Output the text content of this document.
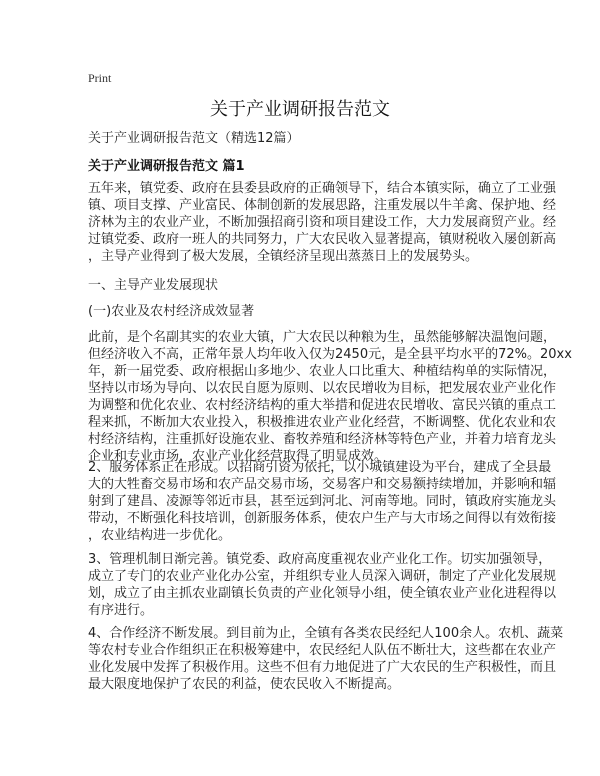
Print
关于产业调研报告范文
关于产业调研报告范文（精选12篇）
关于产业调研报告范文 篇1
五年来，镇党委、政府在县委县政府的正确领导下，结合本镇实际，确立了工业强
镇、项目支撑、产业富民、体制创新的发展思路，注重发展以牛羊禽、保护地、经
济林为主的农业产业，不断加强招商引资和项目建设工作，大力发展商贸产业。经
过镇党委、政府一班人的共同努力，广大农民收入显著提高，镇财税收入屡创新高
，主导产业得到了极大发展，全镇经济呈现出蒸蒸日上的发展势头。
一、主导产业发展现状
(一)农业及农村经济成效显著
此前，是个名副其实的农业大镇，广大农民以种粮为生，虽然能够解决温饱问题，
但经济收入不高，正常年景人均年收入仅为2450元，是全县平均水平的72%。20xx
年，新一届党委、政府根据山多地少、农业人口比重大、种植结构单的实际情况，
坚持以市场为导向、以农民自愿为原则、以农民增收为目标，把发展农业产业化作
为调整和优化农业、农村经济结构的重大举措和促进农民增收、富民兴镇的重点工
程来抓，不断加大农业投入，积极推进农业产业化经营，不断调整、优化农业和农
村经济结构，注重抓好设施农业、畜牧养殖和经济林等特色产业，并着力培育龙头
企业和专业市场，农业产业化经营取得了明显成效。
2、服务体系正在形成。以招商引资为依托，以小城镇建设为平台，建成了全县最
大的大牲畜交易市场和农产品交易市场，交易客户和交易额持续增加，并影响和辐
射到了建昌、凌源等邻近市县，甚至远到河北、河南等地。同时，镇政府实施龙头
带动，不断强化科技培训，创新服务体系，使农户生产与大市场之间得以有效衔接
，农业结构进一步优化。
3、管理机制日渐完善。镇党委、政府高度重视农业产业化工作。切实加强领导，
成立了专门的农业产业化办公室，并组织专业人员深入调研，制定了产业化发展规
划，成立了由主抓农业副镇长负责的产业化领导小组，使全镇农业产业化进程得以
有序进行。
4、合作经济不断发展。到目前为止，全镇有各类农民经纪人100余人。农机、蔬菜
等农村专业合作组织正在积极筹建中，农民经纪人队伍不断壮大，这些都在农业产
业化发展中发挥了积极作用。这些不但有力地促进了广大农民的生产积极性，而且
最大限度地保护了农民的利益，使农民收入不断提高。
